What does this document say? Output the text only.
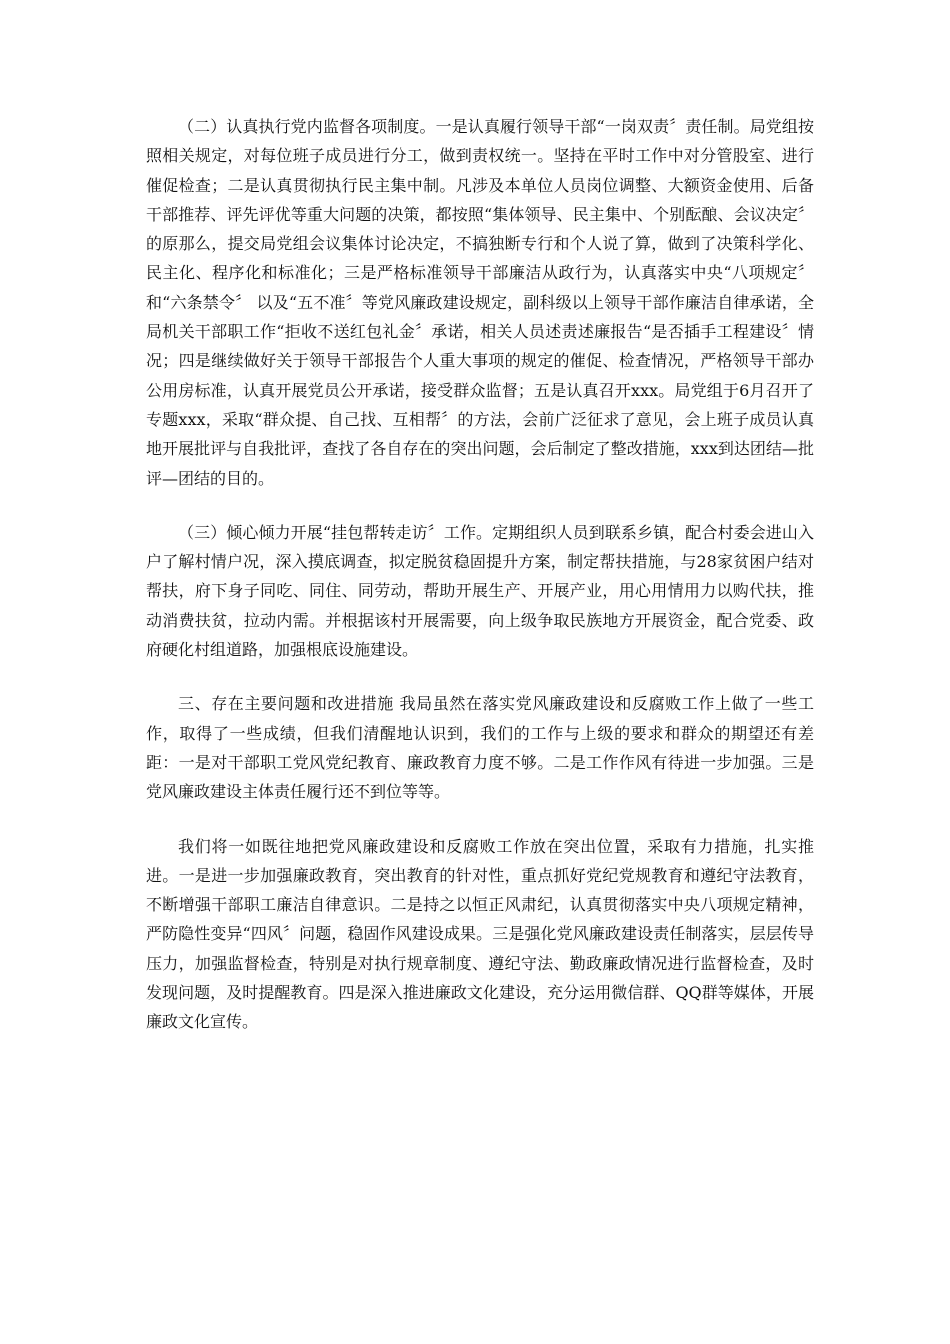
（二）认真执行党内监督各项制度。一是认真履行领导干部“一岗双责〞责任制。局党组按照相关规定，对每位班子成员进行分工，做到责权统一。坚持在平时工作中对分管股室、进行催促检查；二是认真贯彻执行民主集中制。凡涉及本单位人员岗位调整、大额资金使用、后备干部推荐、评先评优等重大问题的决策，都按照“集体领导、民主集中、个别酝酿、会议决定〞的原那么，提交局党组会议集体讨论决定，不搞独断专行和个人说了算，做到了决策科学化、民主化、程序化和标准化；三是严格标准领导干部廉洁从政行为，认真落实中央“八项规定〞和“六条禁令〞 以及“五不准〞等党风廉政建设规定，副科级以上领导干部作廉洁自律承诺，全局机关干部职工作“拒收不送红包礼金〞承诺，相关人员述责述廉报告“是否插手工程建设〞情况；四是继续做好关于领导干部报告个人重大事项的规定的催促、检查情况，严格领导干部办公用房标准，认真开展党员公开承诺，接受群众监督；五是认真召开xxx。局党组于6月召开了专题xxx，采取“群众提、自己找、互相帮〞的方法，会前广泛征求了意见，会上班子成员认真地开展批评与自我批评，查找了各自存在的突出问题，会后制定了整改措施，xxx到达团结—批评—团结的目的。

（三）倾心倾力开展“挂包帮转走访〞工作。定期组织人员到联系乡镇，配合村委会进山入户了解村情户况，深入摸底调查，拟定脱贫稳固提升方案，制定帮扶措施，与28家贫困户结对帮扶，府下身子同吃、同住、同劳动，帮助开展生产、开展产业，用心用情用力以购代扶，推动消费扶贫，拉动内需。并根据该村开展需要，向上级争取民族地方开展资金，配合党委、政府硬化村组道路，加强根底设施建设。

三、存在主要问题和改进措施 我局虽然在落实党风廉政建设和反腐败工作上做了一些工作，取得了一些成绩，但我们清醒地认识到，我们的工作与上级的要求和群众的期望还有差距：一是对干部职工党风党纪教育、廉政教育力度不够。二是工作作风有待进一步加强。三是党风廉政建设主体责任履行还不到位等等。

我们将一如既往地把党风廉政建设和反腐败工作放在突出位置，采取有力措施，扎实推进。一是进一步加强廉政教育，突出教育的针对性，重点抓好党纪党规教育和遵纪守法教育，不断增强干部职工廉洁自律意识。二是持之以恒正风肃纪，认真贯彻落实中央八项规定精神，严防隐性变异“四风〞问题，稳固作风建设成果。三是强化党风廉政建设责任制落实，层层传导压力，加强监督检查，特别是对执行规章制度、遵纪守法、勤政廉政情况进行监督检查，及时发现问题，及时提醒教育。四是深入推进廉政文化建设，充分运用微信群、QQ群等媒体，开展廉政文化宣传。
